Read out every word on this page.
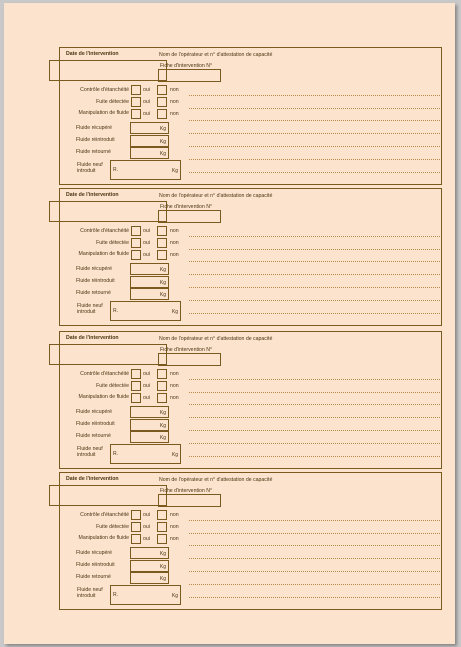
Date de l'intervention	Nom de l'opérateur et n° d'attestation de capacité
Fiche d'intervention N°
Contrôle d'étanchéité	oui	non
Fuite détectée	oui	non
Manipulation de fluide	oui	non
Fluide récupéré	Kg
Fluide réintroduit	Kg
Fluide retourné	Kg
Fluide neuf
introduit	R.	Kg
Date de l'intervention	Nom de l'opérateur et n° d'attestation de capacité
Fiche d'intervention N°
Contrôle d'étanchéité	oui	non
Fuite détectée	oui	non
Manipulation de fluide	oui	non
Fluide récupéré	Kg
Fluide réintroduit	Kg
Fluide retourné	Kg
Fluide neuf
introduit	R.	Kg
Date de l'intervention	Nom de l'opérateur et n° d'attestation de capacité
Fiche d'intervention N°
Contrôle d'étanchéité	oui	non
Fuite détectée	oui	non
Manipulation de fluide	oui	non
Fluide récupéré	Kg
Fluide réintroduit	Kg
Fluide retourné	Kg
Fluide neuf
introduit	R.	Kg
Date de l'intervention	Nom de l'opérateur et n° d'attestation de capacité
Fiche d'intervention N°
Contrôle d'étanchéité	oui	non
Fuite détectée	oui	non
Manipulation de fluide	oui	non
Fluide récupéré	Kg
Fluide réintroduit	Kg
Fluide retourné	Kg
Fluide neuf
introduit	R.	Kg
